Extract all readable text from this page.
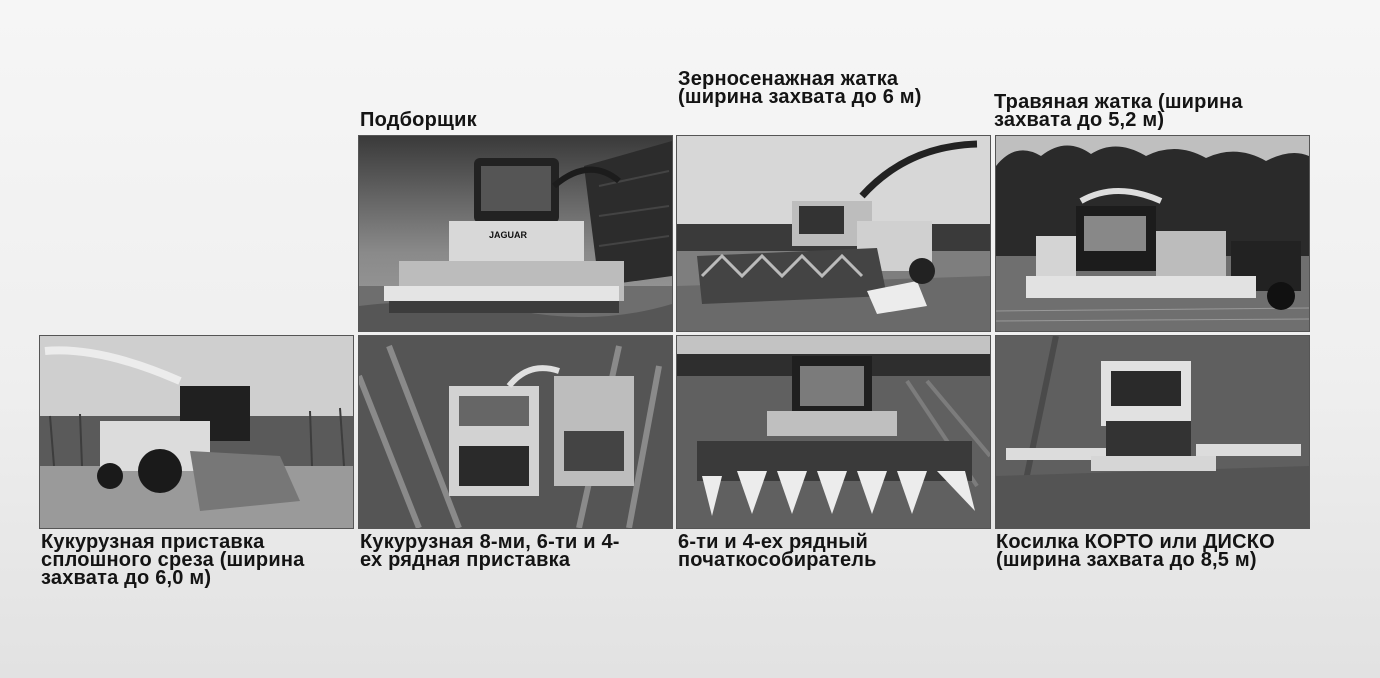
Подборщик
Зерносенажная жатка (ширина захвата до 6 м)	Травяная жатка (ширина захвата до 5,2 м)
JAGUAR
Кукурузная приставка сплошного среза (ширина захвата до 6,0 м)
Кукурузная 8-ми, 6-ти и 4-ех рядная приставка
6-ти и 4-ех рядный початкособиратель
Косилка КОРТО или ДИСКО (ширина захвата до 8,5 м)
